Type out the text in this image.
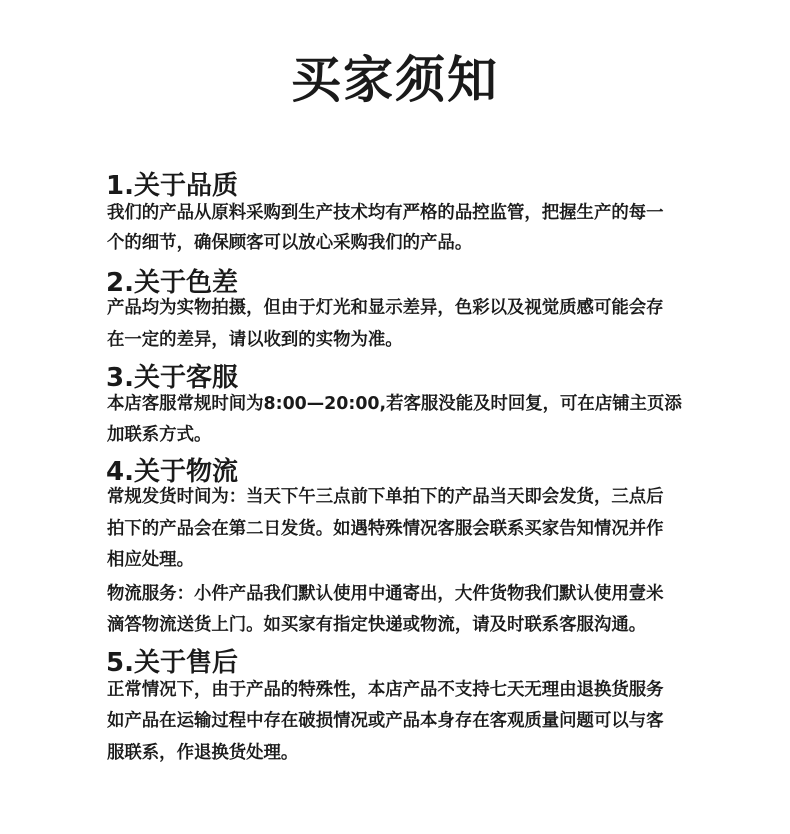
买家须知
1.关于品质
我们的产品从原料采购到生产技术均有严格的品控监管，把握生产的每一
个的细节，确保顾客可以放心采购我们的产品。
2.关于色差
产品均为实物拍摄，但由于灯光和显示差异，色彩以及视觉质感可能会存
在一定的差异，请以收到的实物为准。
3.关于客服
本店客服常规时间为8:00—20:00,若客服没能及时回复，可在店铺主页添
加联系方式。
4.关于物流
常规发货时间为：当天下午三点前下单拍下的产品当天即会发货，三点后
拍下的产品会在第二日发货。如遇特殊情况客服会联系买家告知情况并作
相应处理。
物流服务：小件产品我们默认使用中通寄出，大件货物我们默认使用壹米
滴答物流送货上门。如买家有指定快递或物流，请及时联系客服沟通。
5.关于售后
正常情况下，由于产品的特殊性，本店产品不支持七天无理由退换货服务
如产品在运输过程中存在破损情况或产品本身存在客观质量问题可以与客
服联系，作退换货处理。
